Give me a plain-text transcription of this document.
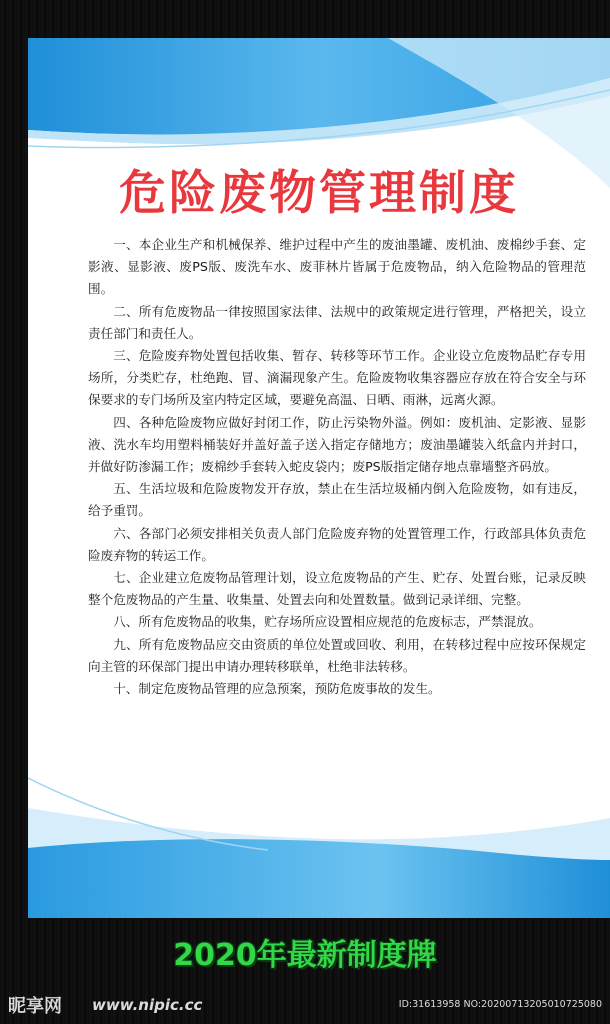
危险废物管理制度

一、本企业生产和机械保养、维护过程中产生的废油墨罐、废机油、废棉纱手套、定影液、显影液、废PS版、废洗车水、废菲林片皆属于危废物品，纳入危险物品的管理范围。

二、所有危废物品一律按照国家法律、法规中的政策规定进行管理，严格把关，设立责任部门和责任人。

三、危险废弃物处置包括收集、暂存、转移等环节工作。企业设立危废物品贮存专用场所，分类贮存，杜绝跑、冒、滴漏现象产生。危险废物收集容器应存放在符合安全与环保要求的专门场所及室内特定区域，要避免高温、日晒、雨淋，远离火源。

四、各种危险废物应做好封闭工作，防止污染物外溢。例如：废机油、定影液、显影液、洗水车均用塑料桶装好并盖好盖子送入指定存储地方；废油墨罐装入纸盒内并封口，并做好防渗漏工作；废棉纱手套转入蛇皮袋内；废PS版指定储存地点靠墙整齐码放。

五、生活垃圾和危险废物发开存放，禁止在生活垃圾桶内倒入危险废物，如有违反，给予重罚。

六、各部门必须安排相关负责人部门危险废弃物的处置管理工作，行政部具体负责危险废弃物的转运工作。

七、企业建立危废物品管理计划，设立危废物品的产生、贮存、处置台账，记录反映整个危废物品的产生量、收集量、处置去向和处置数量。做到记录详细、完整。

八、所有危废物品的收集，贮存场所应设置相应规范的危废标志，严禁混放。

九、所有危废物品应交由资质的单位处置或回收、利用，在转移过程中应按环保规定向主管的环保部门提出申请办理转移联单，杜绝非法转移。

十、制定危废物品管理的应急预案，预防危废事故的发生。

2020年最新制度牌
昵享网 www.nipic.cc	ID:31613958 NO:20200713205010725080
